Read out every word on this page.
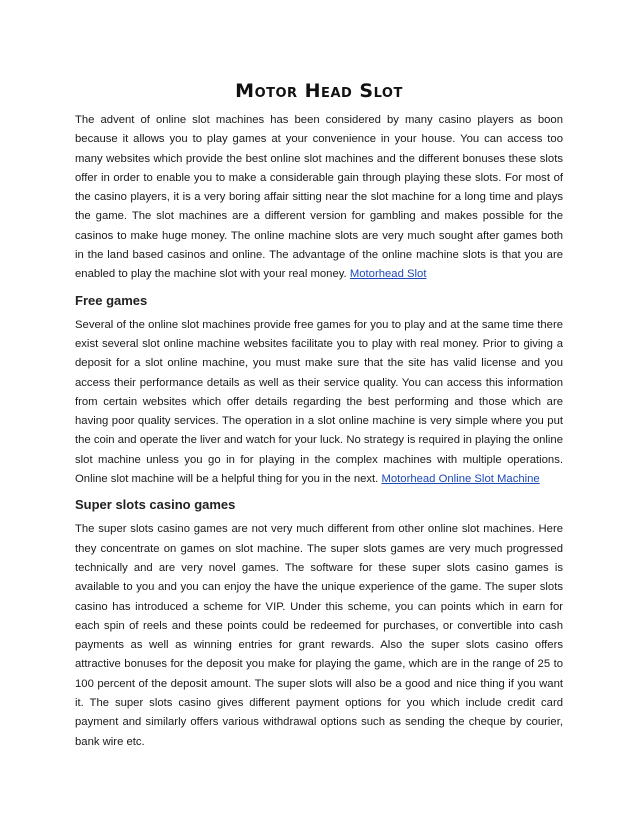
Motor Head Slot

The advent of online slot machines has been considered by many casino players as boon because it allows you to play games at your convenience in your house. You can access too many websites which provide the best online slot machines and the different bonuses these slots offer in order to enable you to make a considerable gain through playing these slots. For most of the casino players, it is a very boring affair sitting near the slot machine for a long time and plays the game. The slot machines are a different version for gambling and makes possible for the casinos to make huge money. The online machine slots are very much sought after games both in the land based casinos and online. The advantage of the online machine slots is that you are enabled to play the machine slot with your real money. Motorhead Slot

Free games

Several of the online slot machines provide free games for you to play and at the same time there exist several slot online machine websites facilitate you to play with real money. Prior to giving a deposit for a slot online machine, you must make sure that the site has valid license and you access their performance details as well as their service quality. You can access this information from certain websites which offer details regarding the best performing and those which are having poor quality services. The operation in a slot online machine is very simple where you put the coin and operate the liver and watch for your luck. No strategy is required in playing the online slot machine unless you go in for playing in the complex machines with multiple operations. Online slot machine will be a helpful thing for you in the next. Motorhead Online Slot Machine

Super slots casino games

The super slots casino games are not very much different from other online slot machines. Here they concentrate on games on slot machine. The super slots games are very much progressed technically and are very novel games. The software for these super slots casino games is available to you and you can enjoy the have the unique experience of the game. The super slots casino has introduced a scheme for VIP. Under this scheme, you can points which in earn for each spin of reels and these points could be redeemed for purchases, or convertible into cash payments as well as winning entries for grant rewards. Also the super slots casino offers attractive bonuses for the deposit you make for playing the game, which are in the range of 25 to 100 percent of the deposit amount. The super slots will also be a good and nice thing if you want it. The super slots casino gives different payment options for you which include credit card payment and similarly offers various withdrawal options such as sending the cheque by courier, bank wire etc.
